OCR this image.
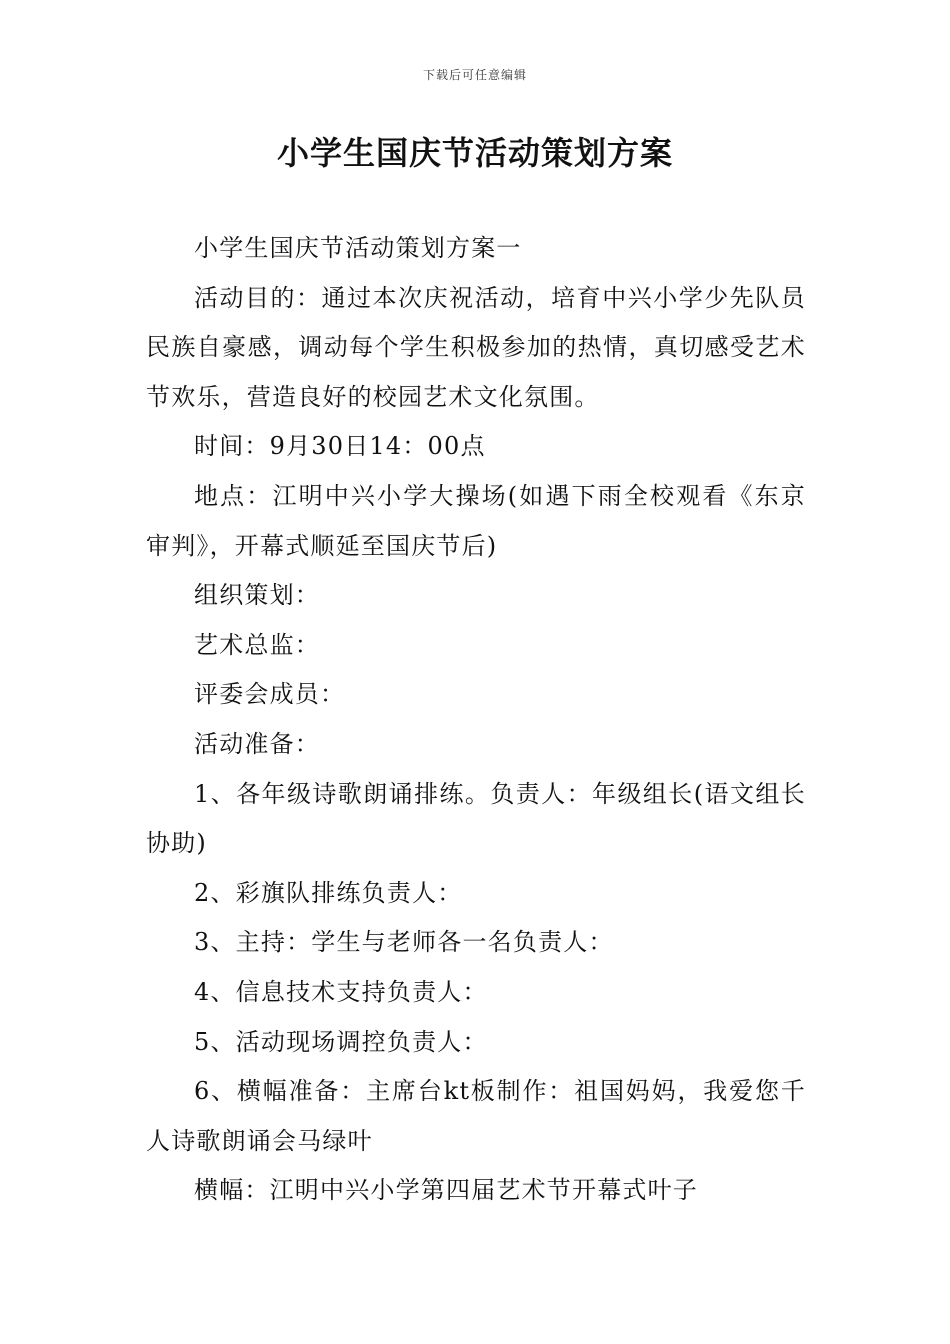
下载后可任意编辑
小学生国庆节活动策划方案

小学生国庆节活动策划方案一

活动目的：通过本次庆祝活动，培育中兴小学少先队员民族自豪感，调动每个学生积极参加的热情，真切感受艺术节欢乐，营造良好的校园艺术文化氛围。

时间：9月30日14：00点

地点：江明中兴小学大操场(如遇下雨全校观看《东京审判》，开幕式顺延至国庆节后)

组织策划：

艺术总监：

评委会成员：

活动准备：

1、各年级诗歌朗诵排练。负责人：年级组长(语文组长协助)

2、彩旗队排练负责人：

3、主持：学生与老师各一名负责人：

4、信息技术支持负责人：

5、活动现场调控负责人：

6、横幅准备：主席台kt板制作：祖国妈妈，我爱您千人诗歌朗诵会马绿叶

横幅：江明中兴小学第四届艺术节开幕式叶子
